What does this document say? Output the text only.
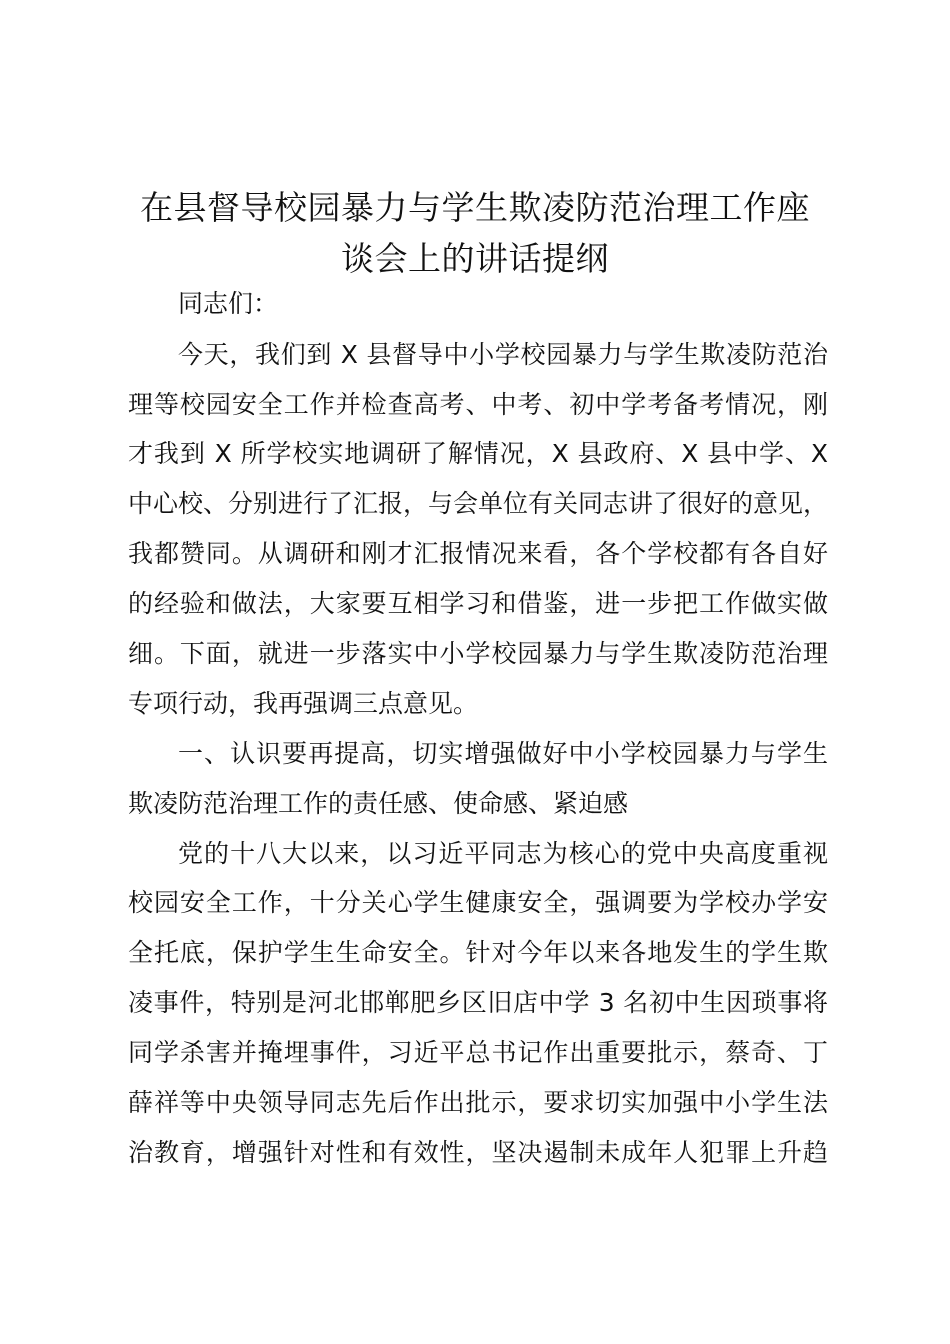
在县督导校园暴力与学生欺凌防范治理工作座
谈会上的讲话提纲
同志们：
今天，我们到 X 县督导中小学校园暴力与学生欺凌防范治
理等校园安全工作并检查高考、中考、初中学考备考情况，刚
才我到 X 所学校实地调研了解情况，X 县政府、X 县中学、X
中心校、分别进行了汇报，与会单位有关同志讲了很好的意见，
我都赞同。从调研和刚才汇报情况来看，各个学校都有各自好
的经验和做法，大家要互相学习和借鉴，进一步把工作做实做
细。下面，就进一步落实中小学校园暴力与学生欺凌防范治理
专项行动，我再强调三点意见。
一、认识要再提高，切实增强做好中小学校园暴力与学生
欺凌防范治理工作的责任感、使命感、紧迫感
党的十八大以来，以习近平同志为核心的党中央高度重视
校园安全工作，十分关心学生健康安全，强调要为学校办学安
全托底，保护学生生命安全。针对今年以来各地发生的学生欺
凌事件，特别是河北邯郸肥乡区旧店中学 3 名初中生因琐事将
同学杀害并掩埋事件，习近平总书记作出重要批示，蔡奇、丁
薛祥等中央领导同志先后作出批示，要求切实加强中小学生法
治教育，增强针对性和有效性，坚决遏制未成年人犯罪上升趋
